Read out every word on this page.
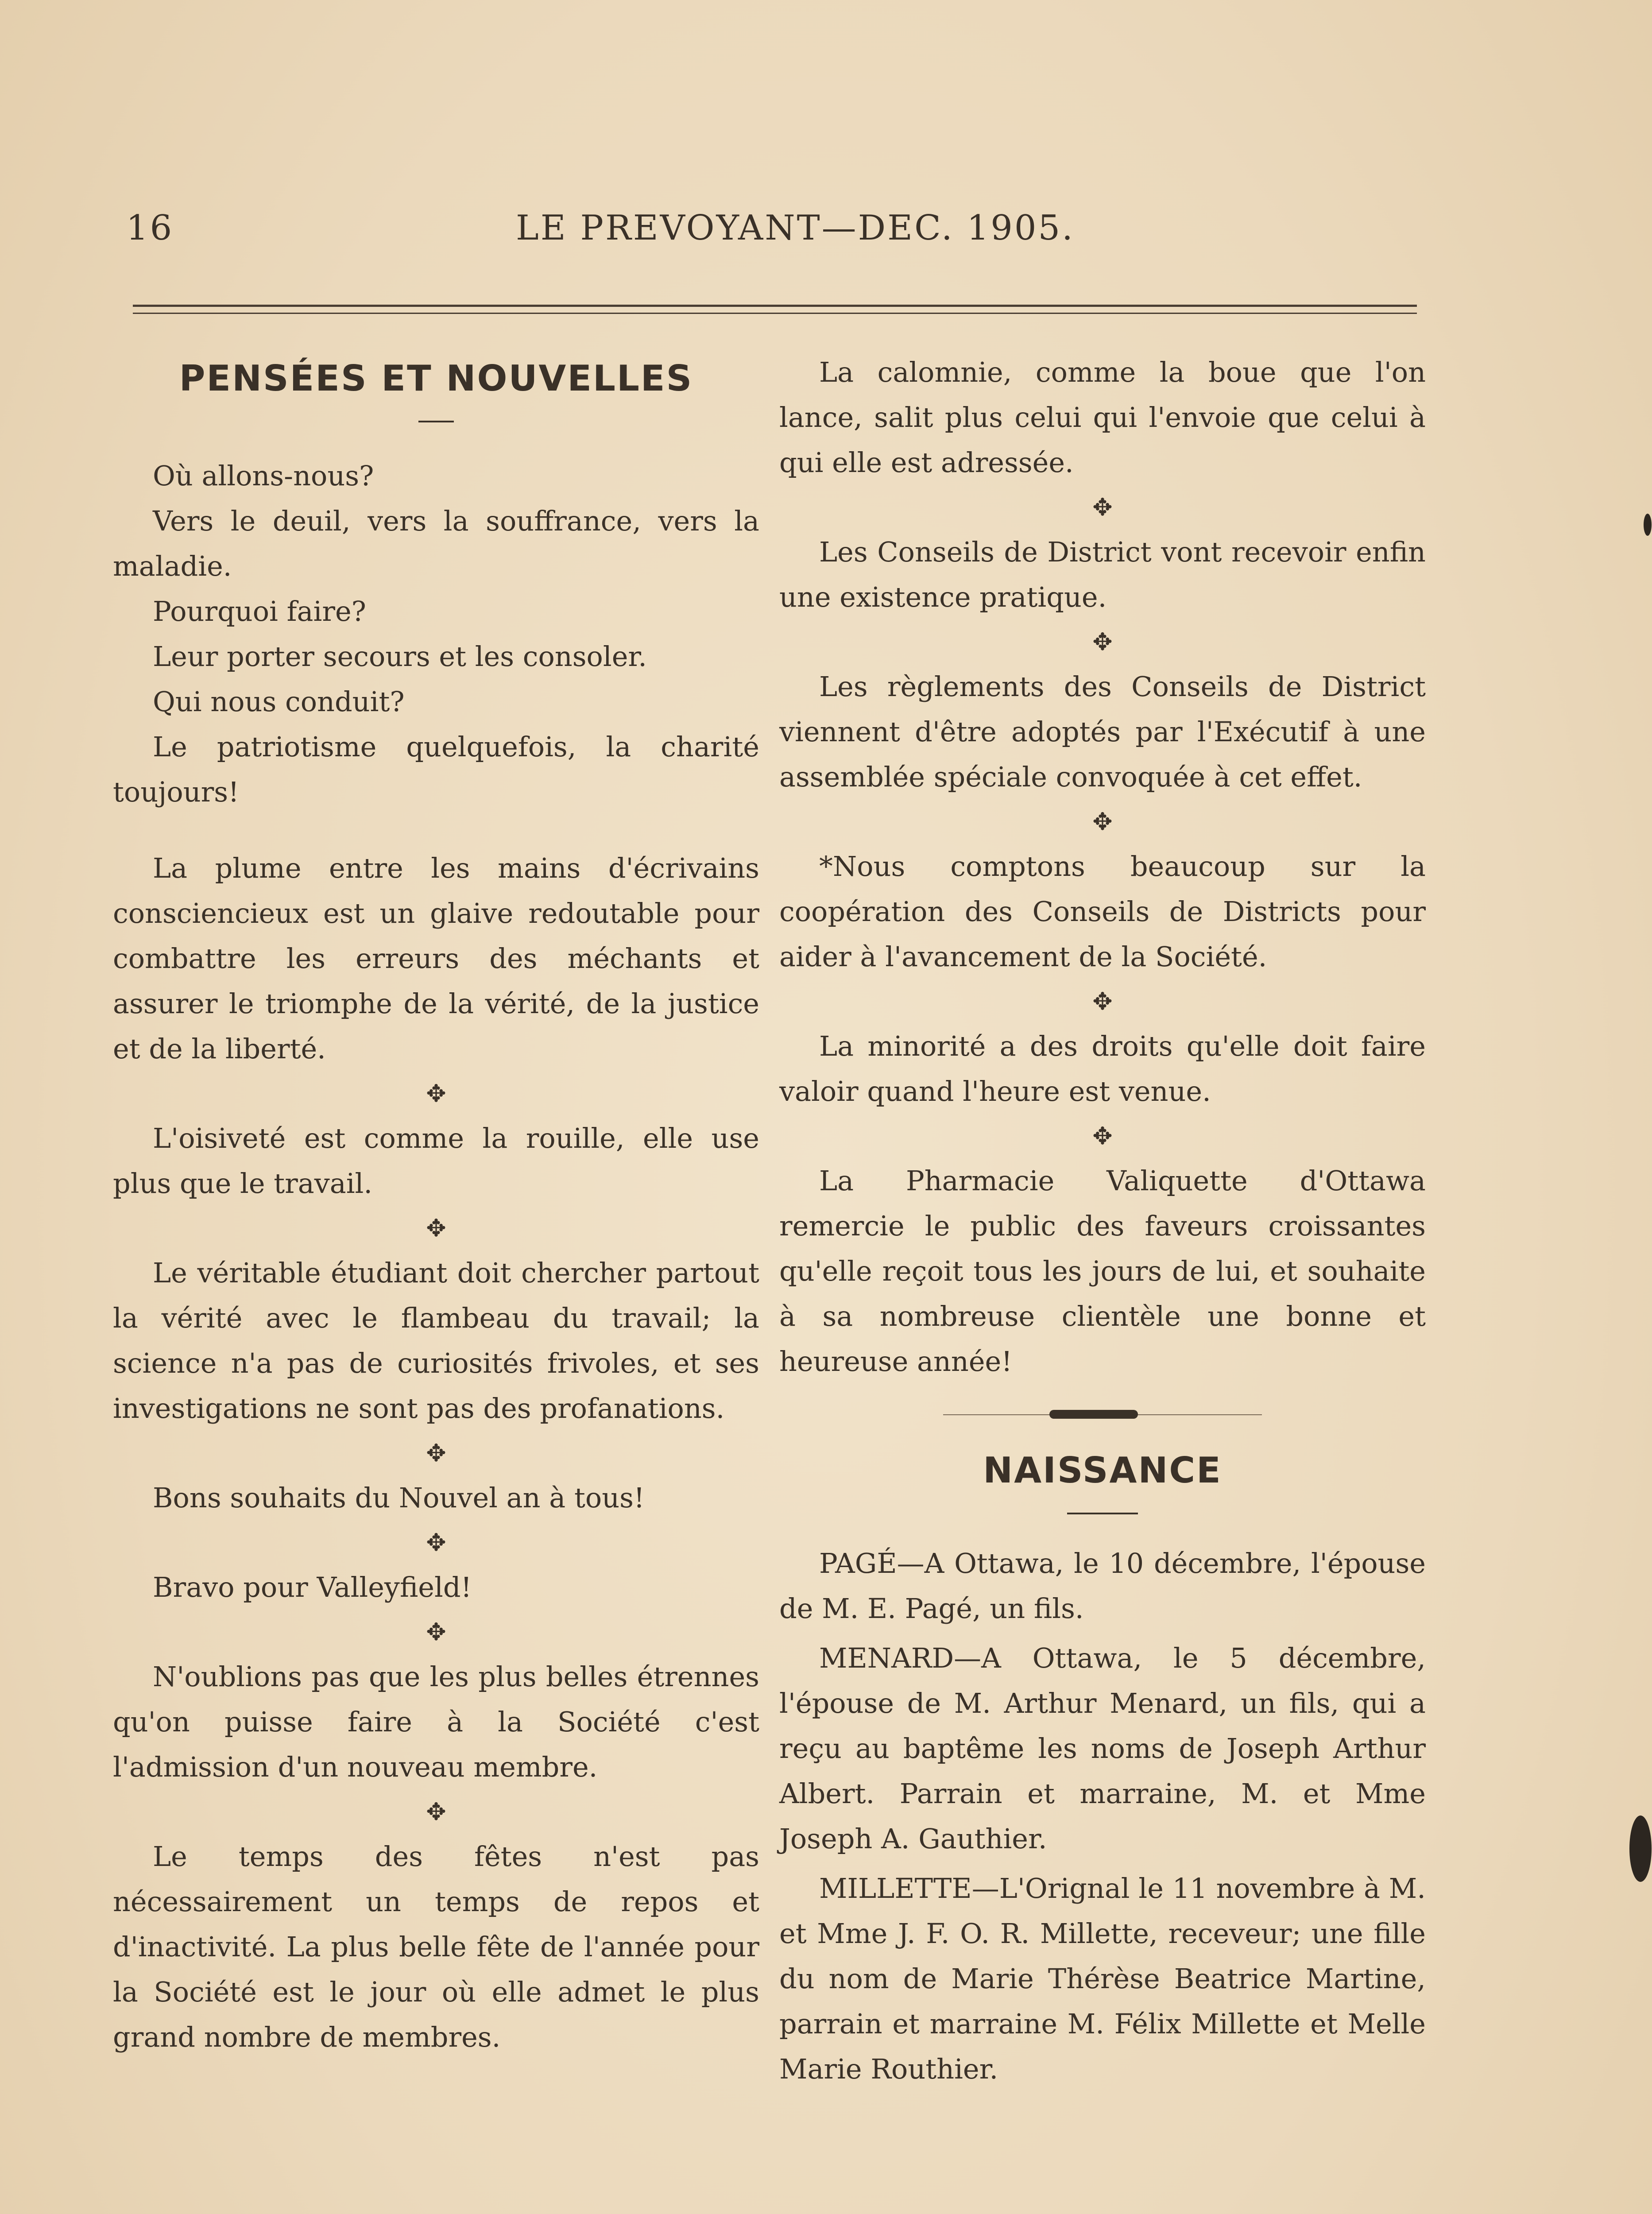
16	LE PREVOYANT—DEC. 1905.
PENSÉES ET NOUVELLES

Où allons-nous?

Vers le deuil, vers la souffrance, vers la maladie.

Pourquoi faire?

Leur porter secours et les consoler.

Qui nous conduit?

Le patriotisme quelquefois, la charité toujours!

La plume entre les mains d'écrivains consciencieux est un glaive redoutable pour combattre les erreurs des méchants et assurer le triomphe de la vérité, de la justice et de la liberté.

✥

L'oisiveté est comme la rouille, elle use plus que le travail.

✥

Le véritable étudiant doit chercher partout la vérité avec le flambeau du travail; la science n'a pas de curiosités frivoles, et ses investigations ne sont pas des profanations.

✥

Bons souhaits du Nouvel an à tous!

✥

Bravo pour Valleyfield!

✥

N'oublions pas que les plus belles étrennes qu'on puisse faire à la Société c'est l'admission d'un nouveau membre.

✥

Le temps des fêtes n'est pas nécessairement un temps de repos et d'inactivité. La plus belle fête de l'année pour la Société est le jour où elle admet le plus grand nombre de membres.

La calomnie, comme la boue que l'on lance, salit plus celui qui l'envoie que celui à qui elle est adressée.

✥

Les Conseils de District vont recevoir enfin une existence pratique.

✥

Les règlements des Conseils de District viennent d'être adoptés par l'Exécutif à une assemblée spéciale convoquée à cet effet.

✥

*Nous comptons beaucoup sur la coopération des Conseils de Districts pour aider à l'avancement de la Société.

✥

La minorité a des droits qu'elle doit faire valoir quand l'heure est venue.

✥

La Pharmacie Valiquette d'Ottawa remercie le public des faveurs croissantes qu'elle reçoit tous les jours de lui, et souhaite à sa nombreuse clientèle une bonne et heureuse année!

NAISSANCE

PAGÉ—A Ottawa, le 10 décembre, l'épouse de M. E. Pagé, un fils.

MENARD—A Ottawa, le 5 décembre, l'épouse de M. Arthur Menard, un fils, qui a reçu au baptême les noms de Joseph Arthur Albert. Parrain et marraine, M. et Mme Joseph A. Gauthier.

MILLETTE—L'Orignal le 11 novembre à M. et Mme J. F. O. R. Millette, receveur; une fille du nom de Marie Thérèse Beatrice Martine, parrain et marraine M. Félix Millette et Melle Marie Routhier.
